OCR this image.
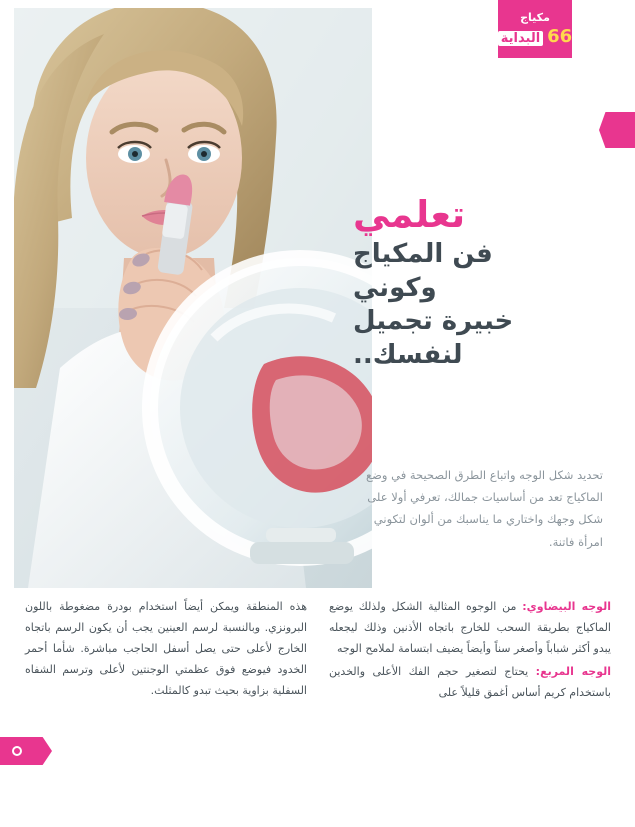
مكياج
66
البداية
تعلمي
فن المكياج
وكوني
خبيرة تجميل
لنفسك..

تحديد شكل الوجه واتباع الطرق الصحيحة في وضع الماكياج تعد من أساسيات جمالك، تعرفي أولا على شكل وجهك واختاري ما يناسبك من ألوان لتكوني امرأة فاتنة.

الوجه البيضاوي: من الوجوه المثالية الشكل ولذلك يوضع الماكياج بطريقة السحب للخارج باتجاه الأذنين وذلك ليجعله يبدو أكثر شباباً وأصغر سناً وأيضاً يضيف ابتسامة لملامح الوجه

الوجه المربع: يحتاج لتصغير حجم الفك الأعلى والخدين باستخدام كريم أساس أغمق قليلاً على

هذه المنطقة ويمكن أيضاً استخدام بودرة مضغوطة باللون البرونزي. وبالنسبة لرسم العينين يجب أن يكون الرسم باتجاه الخارج لأعلى حتى يصل أسفل الحاجب مباشرة. شأما أحمر الخدود فيوضع فوق عظمتي الوجنتين لأعلى وترسم الشفاه السفلية بزاوية بحيث تبدو كالمثلث.
